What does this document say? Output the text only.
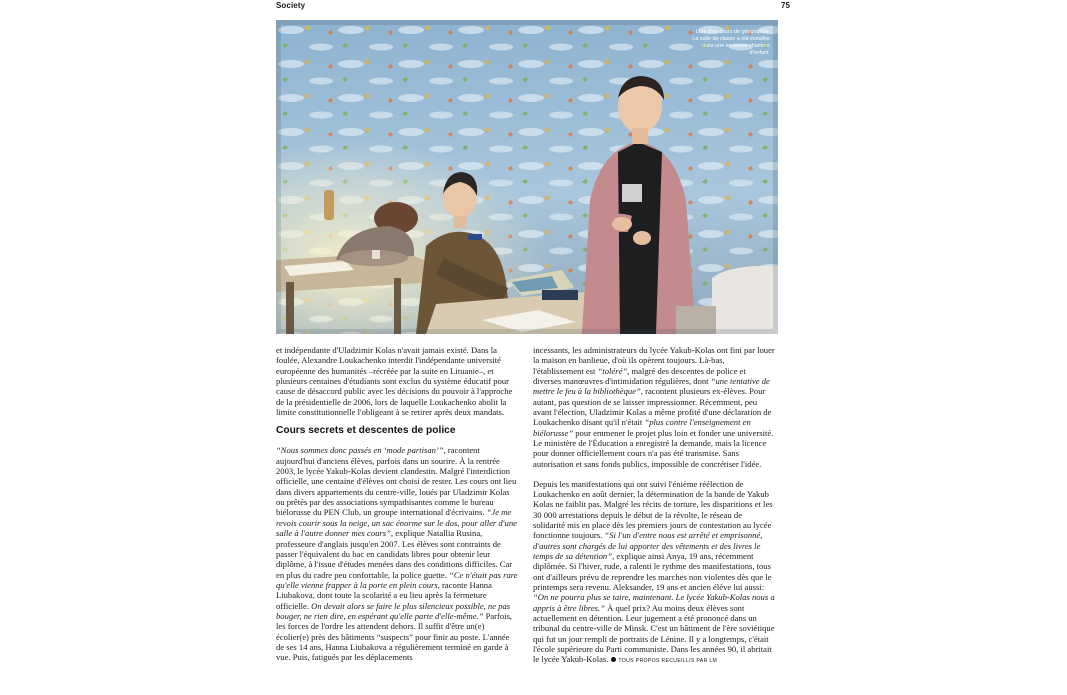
Society	75
Lors d'un cours de géographie. La salle de classe a été installée dans une ancienne chambre d'enfant.

et indépendante d'Uladzimir Kolas n'avait jamais existé. Dans la foulée, Alexandre Loukachenko interdit l'indépendante université européenne des humanités –récréée par la suite en Lituanie–, et plusieurs centaines d'étudiants sont exclus du système éducatif pour cause de désaccord public avec les décisions du pouvoir à l'approche de la présidentielle de 2006, lors de laquelle Loukachenko abolit la limite constitutionnelle l'obligeant à se retirer après deux mandats.

Cours secrets et descentes de police

“Nous sommes donc passés en ‘mode partisan’”, racontent aujourd'hui d'anciens élèves, parfois dans un sourire. À la rentrée 2003, le lycée Yakub-Kolas devient clandestin. Malgré l'interdiction officielle, une centaine d'élèves ont choisi de rester. Les cours ont lieu dans divers appartements du centre-ville, loués par Uladzimir Kolas ou prêtés par des associations sympathisantes comme le bureau biélorusse du PEN Club, un groupe international d'écrivains. “Je me revois courir sous la neige, un sac énorme sur le dos, pour aller d'une salle à l'autre donner mes cours”, explique Natallia Rusina, professeure d'anglais jusqu'en 2007. Les élèves sont contraints de passer l'équivalent du bac en candidats libres pour obtenir leur diplôme, à l'issue d'études menées dans des conditions difficiles. Car en plus du cadre peu confortable, la police guette. “Ce n'était pas rare qu'elle vienne frapper à la porte en plein cours, raconte Hanna Liubakova, dont toute la scolarité a eu lieu après la fermeture officielle. On devait alors se faire le plus silencieux possible, ne pas bouger, ne rien dire, en espérant qu'elle parte d'elle-même.” Parfois, les forces de l'ordre les attendent dehors. Il suffit d'être un(e) écolier(e) près des bâtiments “suspects” pour finir au poste. L'année de ses 14 ans, Hanna Liubakova a régulièrement terminé en garde à vue. Puis, fatigués par les déplacements

incessants, les administrateurs du lycée Yakub-Kolas ont fini par louer la maison en banlieue, d'où ils opèrent toujours. Là-bas, l'établissement est “toléré”, malgré des descentes de police et diverses manœuvres d'intimidation régulières, dont “une tentative de mettre le feu à la bibliothèque”, racontent plusieurs ex-élèves. Pour autant, pas question de se laisser impressionner. Récemment, peu avant l'élection, Uladzimir Kolas a même profité d'une déclaration de Loukachenko disant qu'il n'était “plus contre l'enseignement en biélorusse” pour emmener le projet plus loin et fonder une université. Le ministère de l'Éducation a enregistré la demande, mais la licence pour donner officiellement cours n'a pas été transmise. Sans autorisation et sans fonds publics, impossible de concrétiser l'idée.

Depuis les manifestations qui ont suivi l'énième réélection de Loukachenko en août dernier, la détermination de la bande de Yakub Kolas ne faiblit pas. Malgré les récits de torture, les disparitions et les 30 000 arrestations depuis le début de la révolte, le réseau de solidarité mis en place dès les premiers jours de contestation au lycée fonctionne toujours. “Si l'un d'entre nous est arrêté et emprisonné, d'autres sont chargés de lui apporter des vêtements et des livres le temps de sa détention”, explique ainsi Anya, 19 ans, récemment diplômée. Si l'hiver, rude, a ralenti le rythme des manifestations, tous ont d'ailleurs prévu de reprendre les marches non violentes dès que le printemps sera revenu. Aleksander, 19 ans et ancien élève lui aussi: “On ne pourra plus se taire, maintenant. Le lycée Yakub-Kolas nous a appris à être libres.” À quel prix? Au moins deux élèves sont actuellement en détention. Leur jugement a été prononcé dans un tribunal du centre-ville de Minsk. C'est un bâtiment de l'ère soviétique qui fut un jour rempli de portraits de Lénine. Il y a longtemps, c'était l'école supérieure du Parti communiste. Dans les années 90, il abritait le lycée Yakub-Kolas. TOUS PROPOS RECUEILLIS PAR LM
